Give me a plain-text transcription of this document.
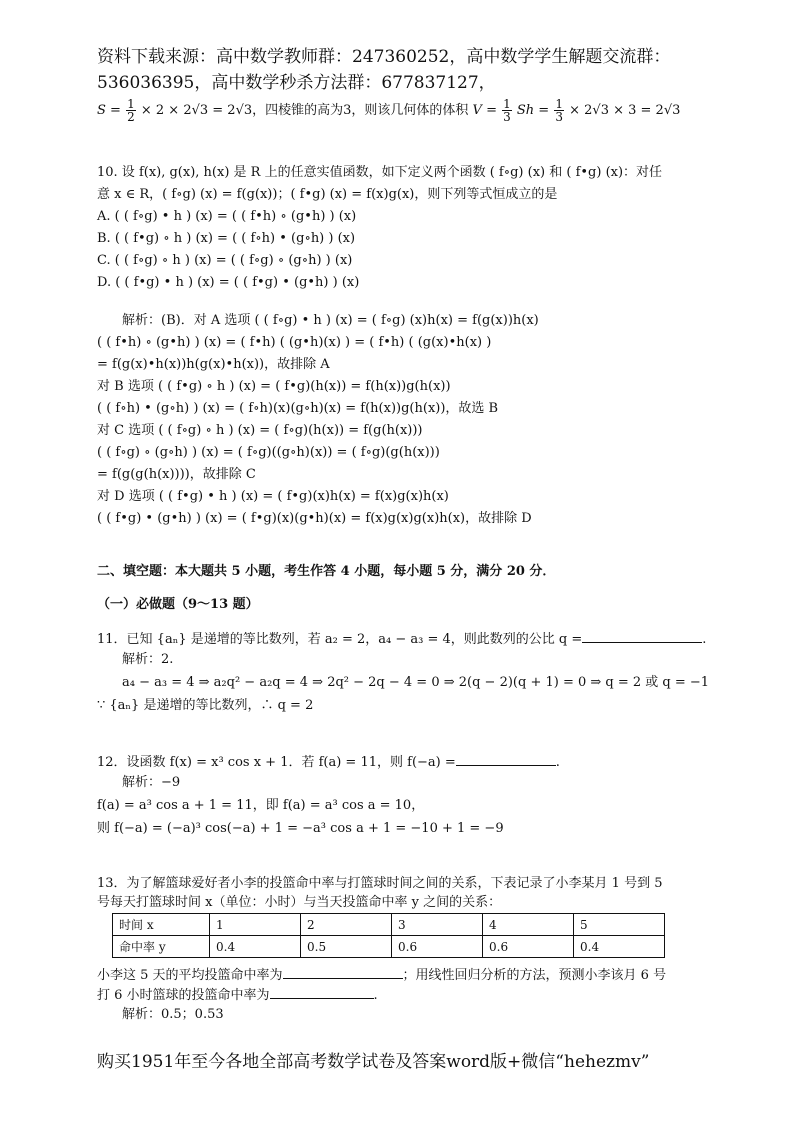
资料下载来源：高中数学教师群：247360252，高中数学学生解题交流群：
536036395，高中数学秒杀方法群：677837127，
$S = \frac{1}{2} \times 2 \times 2√3 = 2√3$，四棱锥的高为3，则该几何体的体积 $V = \frac{1}{3}$ $Sh = \frac{1}{3} \times 2√3 \times 3 = 2√3$
10. 设 f(x), g(x), h(x) 是 R 上的任意实值函数，如下定义两个函数 ( f∘g) (x) 和 ( f•g) (x)：对任
意 x ∈ R，( f∘g) (x) = f(g(x))；( f•g) (x) = f(x)g(x)，则下列等式恒成立的是
A. ( ( f∘g) • h ) (x) = ( ( f•h) ∘ (g•h) ) (x)
B. ( ( f•g) ∘ h ) (x) = ( ( f∘h) • (g∘h) ) (x)
C. ( ( f∘g) ∘ h ) (x) = ( ( f∘g) ∘ (g∘h) ) (x)
D. ( ( f•g) • h ) (x) = ( ( f•g) • (g•h) ) (x)
解析：(B)．对 A 选项 ( ( f∘g) • h ) (x) = ( f∘g) (x)h(x) = f(g(x))h(x)
( ( f•h) ∘ (g•h) ) (x) = ( f•h) ( (g•h)(x) ) = ( f•h) ( (g(x)•h(x) )
= f(g(x)•h(x))h(g(x)•h(x))，故排除 A
对 B 选项 ( ( f•g) ∘ h ) (x) = ( f•g)(h(x)) = f(h(x))g(h(x))
( ( f∘h) • (g∘h) ) (x) = ( f∘h)(x)(g∘h)(x) = f(h(x))g(h(x))，故选 B
对 C 选项 ( ( f∘g) ∘ h ) (x) = ( f∘g)(h(x)) = f(g(h(x)))
( ( f∘g) ∘ (g∘h) ) (x) = ( f∘g)((g∘h)(x)) = ( f∘g)(g(h(x)))
= f(g(g(h(x))))，故排除 C
对 D 选项 ( ( f•g) • h ) (x) = ( f•g)(x)h(x) = f(x)g(x)h(x)
( ( f•g) • (g•h) ) (x) = ( f•g)(x)(g•h)(x) = f(x)g(x)g(x)h(x)，故排除 D
二、填空题：本大题共 5 小题，考生作答 4 小题，每小题 5 分，满分 20 分．
（一）必做题（9～13 题）
11．已知 {aₙ} 是递增的等比数列，若 a₂ = 2，a₄ − a₃ = 4，则此数列的公比 q =	.
解析：2.
a₄ − a₃ = 4 ⇒ a₂q² − a₂q = 4 ⇒ 2q² − 2q − 4 = 0 ⇒ 2(q − 2)(q + 1) = 0 ⇒ q = 2 或 q = −1
∵ {aₙ} 是递增的等比数列，∴ q = 2
12．设函数 f(x) = x³ cos x + 1．若 f(a) = 11，则 f(−a) =	.
解析：−9
f(a) = a³ cos a + 1 = 11，即 f(a) = a³ cos a = 10，
则 f(−a) = (−a)³ cos(−a) + 1 = −a³ cos a + 1 = −10 + 1 = −9
13．为了解篮球爱好者小李的投篮命中率与打篮球时间之间的关系，下表记录了小李某月 1 号到 5
号每天打篮球时间 x（单位：小时）与当天投篮命中率 y 之间的关系：
时间 x	1	2	3	4	5
命中率 y	0.4	0.5	0.6	0.6	0.4
小李这 5 天的平均投篮命中率为	；用线性回归分析的方法，预测小李该月 6 号
打 6 小时篮球的投篮命中率为	.
解析：0.5；0.53
购买1951年至今各地全部高考数学试卷及答案word版+微信“hehezmv”
